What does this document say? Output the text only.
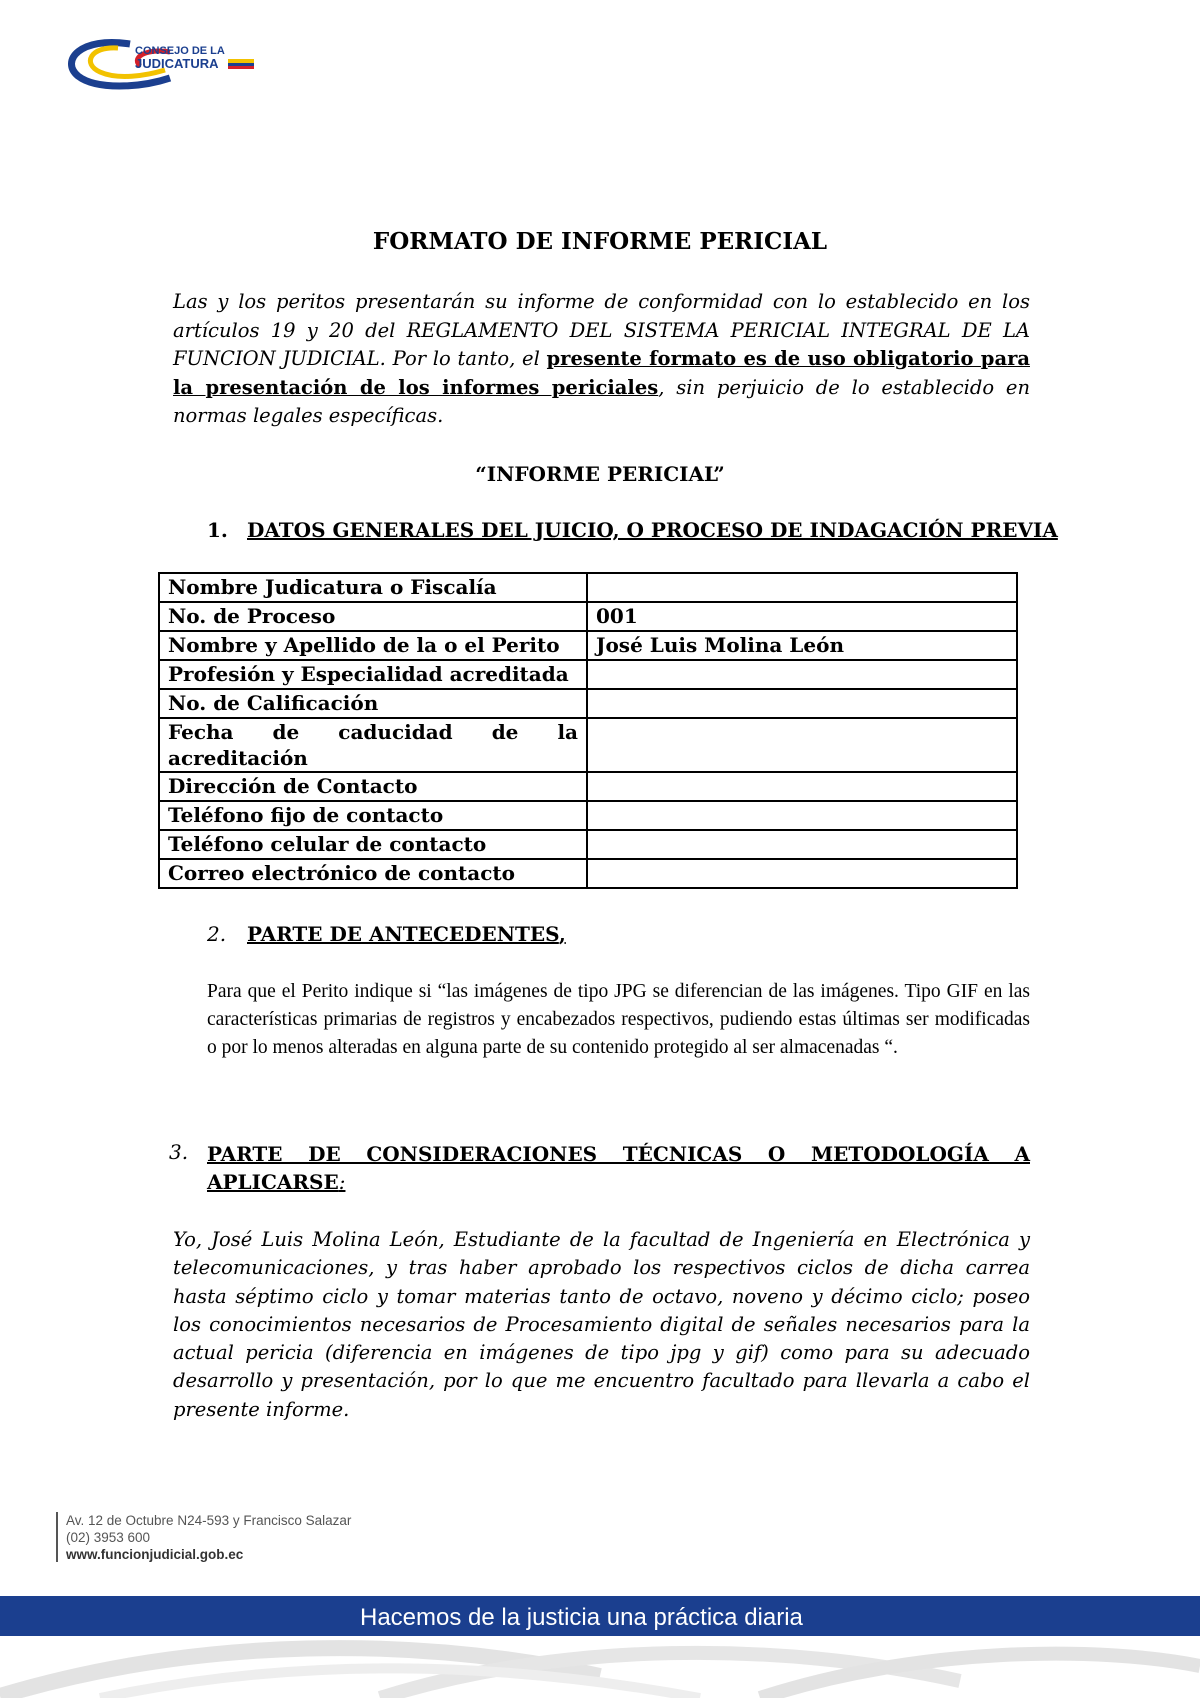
CONSEJO DE LA
JUDICATURA
FORMATO DE INFORME PERICIAL
Las y los peritos presentarán su informe de conformidad con lo establecido en los artículos 19 y 20 del REGLAMENTO DEL SISTEMA PERICIAL INTEGRAL DE LA FUNCION JUDICIAL. Por lo tanto, el presente formato es de uso obligatorio para la presentación de los informes periciales, sin perjuicio de lo establecido en normas legales específicas.
“INFORME PERICIAL”
1. DATOS GENERALES DEL JUICIO, O PROCESO DE INDAGACIÓN PREVIA
Nombre Judicatura o Fiscalía	
No. de Proceso	001
Nombre y Apellido de la o el Perito	José Luis Molina León
Profesión y Especialidad acreditada	
No. de Calificación	
Fecha de caducidad de la acreditación	
Dirección de Contacto	
Teléfono fijo de contacto	
Teléfono celular de contacto	
Correo electrónico de contacto	
2. PARTE DE ANTECEDENTES,
Para que el Perito indique si “las imágenes de tipo JPG se diferencian de las imágenes. Tipo GIF en las características primarias de registros y encabezados respectivos, pudiendo estas últimas ser modificadas o por lo menos alteradas en alguna parte de su contenido protegido al ser almacenadas “.
3. PARTE DE CONSIDERACIONES TÉCNICAS O METODOLOGÍA A APLICARSE:
Yo, José Luis Molina León, Estudiante de la facultad de Ingeniería en Electrónica y telecomunicaciones, y tras haber aprobado los respectivos ciclos de dicha carrea hasta séptimo ciclo y tomar materias tanto de octavo, noveno y décimo ciclo; poseo los conocimientos necesarios de Procesamiento digital de señales necesarios para la actual pericia (diferencia en imágenes de tipo jpg y gif) como para su adecuado desarrollo y presentación, por lo que me encuentro facultado para llevarla a cabo el presente informe.
Av. 12 de Octubre N24-593 y Francisco Salazar
(02) 3953 600
www.funcionjudicial.gob.ec
Hacemos de la justicia una práctica diaria
